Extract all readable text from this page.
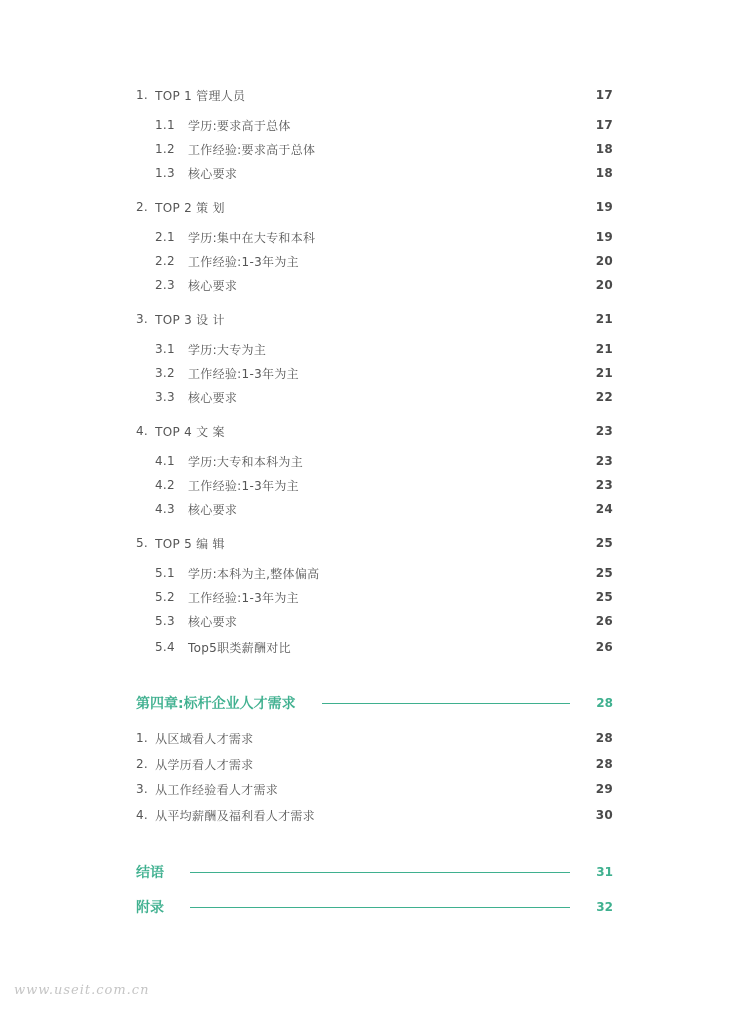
1. TOP 1 管理人员	17
1.1 学历:要求高于总体	17
1.2 工作经验:要求高于总体	18
1.3 核心要求	18
2. TOP 2 策 划	19
2.1 学历:集中在大专和本科	19
2.2 工作经验:1-3年为主	20
2.3 核心要求	20
3. TOP 3 设 计	21
3.1 学历:大专为主	21
3.2 工作经验:1-3年为主	21
3.3 核心要求	22
4. TOP 4 文 案	23
4.1 学历:大专和本科为主	23
4.2 工作经验:1-3年为主	23
4.3 核心要求	24
5. TOP 5 编 辑	25
5.1 学历:本科为主,整体偏高	25
5.2 工作经验:1-3年为主	25
5.3 核心要求	26
5.4 Top5职类薪酬对比	26
第四章:标杆企业人才需求	28
1. 从区域看人才需求	28
2. 从学历看人才需求	28
3. 从工作经验看人才需求	29
4. 从平均薪酬及福利看人才需求	30
结语	31
附录	32
www.useit.com.cn
